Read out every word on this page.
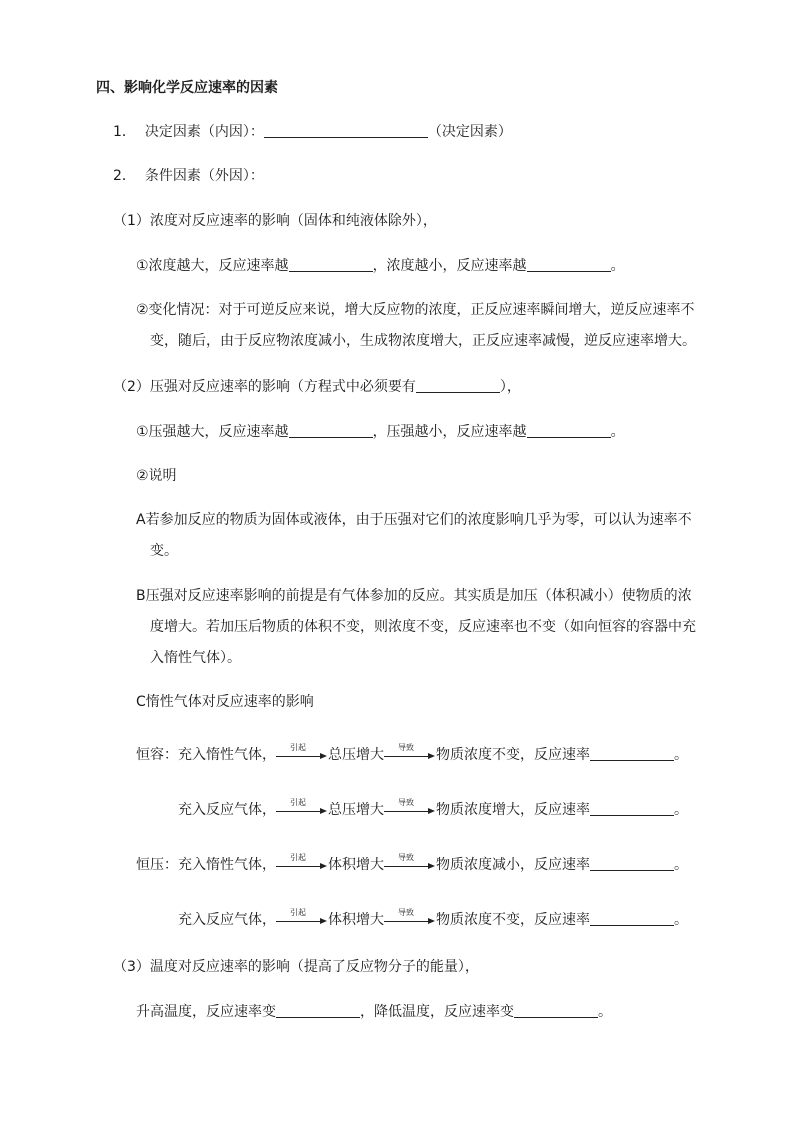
四、影响化学反应速率的因素
1． 决定因素（内因）：	（决定因素）
2． 条件因素（外因）：
（1）浓度对反应速率的影响（固体和纯液体除外），
①浓度越大，反应速率越	，浓度越小，反应速率越	。
②变化情况：对于可逆反应来说，增大反应物的浓度，正反应速率瞬间增大，逆反应速率不
变，随后，由于反应物浓度减小，生成物浓度增大，正反应速率减慢，逆反应速率增大。
（2）压强对反应速率的影响（方程式中必须要有	），
①压强越大，反应速率越	，压强越小，反应速率越	。
②说明
A若参加反应的物质为固体或液体，由于压强对它们的浓度影响几乎为零，可以认为速率不
变。
B压强对反应速率影响的前提是有气体参加的反应。其实质是加压（体积减小）使物质的浓
度增大。若加压后物质的体积不变，则浓度不变，反应速率也不变（如向恒容的容器中充
入惰性气体）。
C惰性气体对反应速率的影响
恒容：充入惰性气体， 引起 总压增大 导致 物质浓度不变，反应速率	。
充入反应气体， 引起 总压增大 导致 物质浓度增大，反应速率	。
恒压：充入惰性气体， 引起 体积增大 导致 物质浓度减小，反应速率	。
充入反应气体， 引起 体积增大 导致 物质浓度不变，反应速率	。
（3）温度对反应速率的影响（提高了反应物分子的能量），
升高温度，反应速率变	，降低温度，反应速率变	。
